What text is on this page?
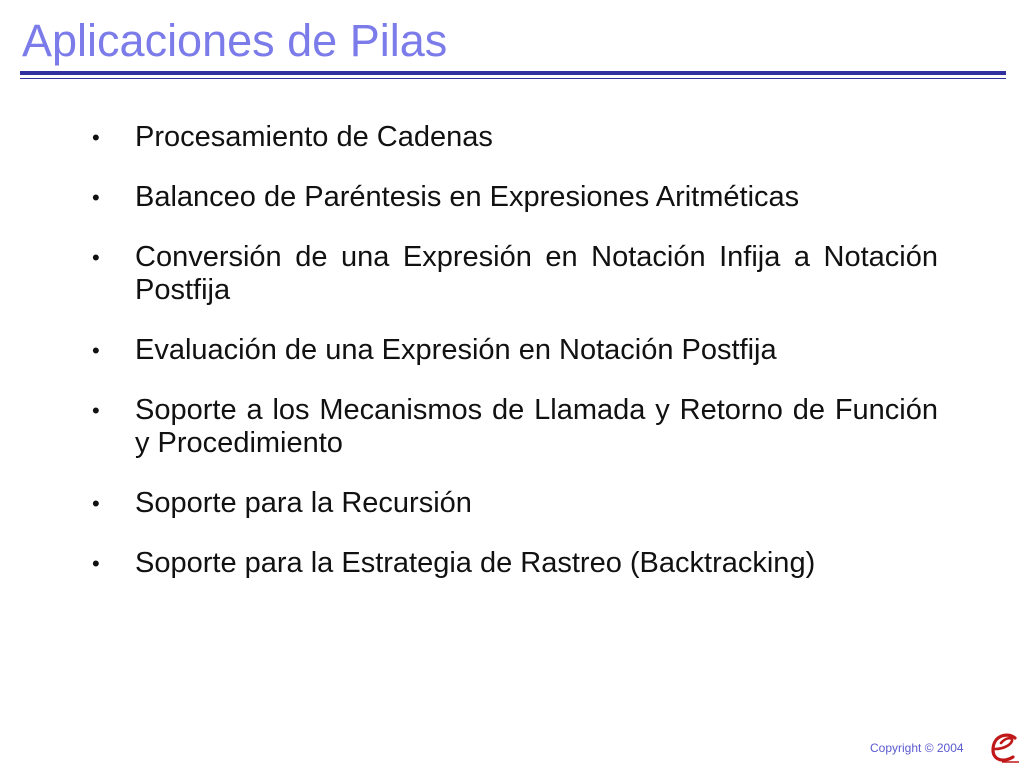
Aplicaciones de Pilas
• Procesamiento de Cadenas
• Balanceo de Paréntesis en Expresiones Aritméticas
• Conversión de una Expresión en Notación Infija a Notación Postfija
• Evaluación de una Expresión en Notación Postfija
• Soporte a los Mecanismos de Llamada y Retorno de Función y Procedimiento
• Soporte para la Recursión
• Soporte para la Estrategia de Rastreo (Backtracking)
Copyright © 2004
